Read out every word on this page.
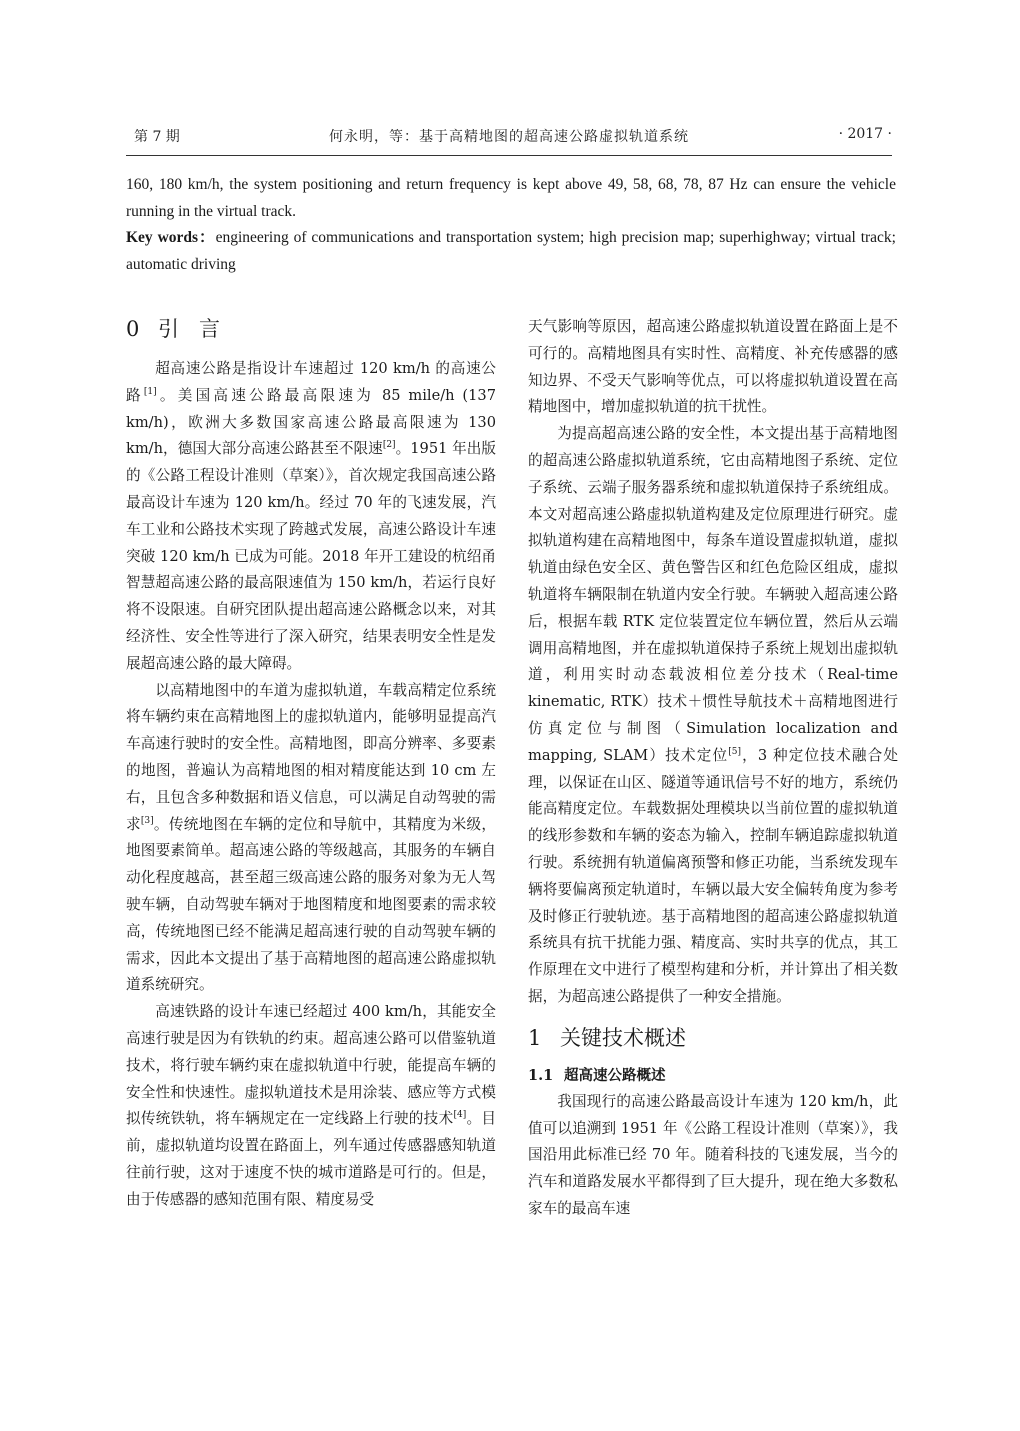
第 7 期	何永明，等：基于高精地图的超高速公路虚拟轨道系统	· 2017 ·

160, 180 km/h, the system positioning and return frequency is kept above 49, 58, 68, 78, 87 Hz can ensure the vehicle running in the virtual track.

Key words：engineering of communications and transportation system; high precision map; superhighway; virtual track; automatic driving

0 引言

超高速公路是指设计车速超过 120 km/h 的高速公路[1]。美国高速公路最高限速为 85 mile/h (137 km/h)，欧洲大多数国家高速公路最高限速为 130 km/h，德国大部分高速公路甚至不限速[2]。1951 年出版的《公路工程设计准则（草案）》，首次规定我国高速公路最高设计车速为 120 km/h。经过 70 年的飞速发展，汽车工业和公路技术实现了跨越式发展，高速公路设计车速突破 120 km/h 已成为可能。2018 年开工建设的杭绍甬智慧超高速公路的最高限速值为 150 km/h，若运行良好将不设限速。自研究团队提出超高速公路概念以来，对其经济性、安全性等进行了深入研究，结果表明安全性是发展超高速公路的最大障碍。

以高精地图中的车道为虚拟轨道，车载高精定位系统将车辆约束在高精地图上的虚拟轨道内，能够明显提高汽车高速行驶时的安全性。高精地图，即高分辨率、多要素的地图，普遍认为高精地图的相对精度能达到 10 cm 左右，且包含多种数据和语义信息，可以满足自动驾驶的需求[3]。传统地图在车辆的定位和导航中，其精度为米级，地图要素简单。超高速公路的等级越高，其服务的车辆自动化程度越高，甚至超三级高速公路的服务对象为无人驾驶车辆，自动驾驶车辆对于地图精度和地图要素的需求较高，传统地图已经不能满足超高速行驶的自动驾驶车辆的需求，因此本文提出了基于高精地图的超高速公路虚拟轨道系统研究。

高速铁路的设计车速已经超过 400 km/h，其能安全高速行驶是因为有铁轨的约束。超高速公路可以借鉴轨道技术，将行驶车辆约束在虚拟轨道中行驶，能提高车辆的安全性和快速性。虚拟轨道技术是用涂装、感应等方式模拟传统铁轨，将车辆规定在一定线路上行驶的技术[4]。目前，虚拟轨道均设置在路面上，列车通过传感器感知轨道往前行驶，这对于速度不快的城市道路是可行的。但是，由于传感器的感知范围有限、精度易受

天气影响等原因，超高速公路虚拟轨道设置在路面上是不可行的。高精地图具有实时性、高精度、补充传感器的感知边界、不受天气影响等优点，可以将虚拟轨道设置在高精地图中，增加虚拟轨道的抗干扰性。

为提高超高速公路的安全性，本文提出基于高精地图的超高速公路虚拟轨道系统，它由高精地图子系统、定位子系统、云端子服务器系统和虚拟轨道保持子系统组成。本文对超高速公路虚拟轨道构建及定位原理进行研究。虚拟轨道构建在高精地图中，每条车道设置虚拟轨道，虚拟轨道由绿色安全区、黄色警告区和红色危险区组成，虚拟轨道将车辆限制在轨道内安全行驶。车辆驶入超高速公路后，根据车载 RTK 定位装置定位车辆位置，然后从云端调用高精地图，并在虚拟轨道保持子系统上规划出虚拟轨道，利用实时动态载波相位差分技术（Real-time kinematic, RTK）技术＋惯性导航技术＋高精地图进行仿真定位与制图（Simulation localization and mapping, SLAM）技术定位[5]，3 种定位技术融合处理，以保证在山区、隧道等通讯信号不好的地方，系统仍能高精度定位。车载数据处理模块以当前位置的虚拟轨道的线形参数和车辆的姿态为输入，控制车辆追踪虚拟轨道行驶。系统拥有轨道偏离预警和修正功能，当系统发现车辆将要偏离预定轨道时，车辆以最大安全偏转角度为参考及时修正行驶轨迹。基于高精地图的超高速公路虚拟轨道系统具有抗干扰能力强、精度高、实时共享的优点，其工作原理在文中进行了模型构建和分析，并计算出了相关数据，为超高速公路提供了一种安全措施。

1 关键技术概述
1.1 超高速公路概述

我国现行的高速公路最高设计车速为 120 km/h，此值可以追溯到 1951 年《公路工程设计准则（草案）》，我国沿用此标准已经 70 年。随着科技的飞速发展，当今的汽车和道路发展水平都得到了巨大提升，现在绝大多数私家车的最高车速
